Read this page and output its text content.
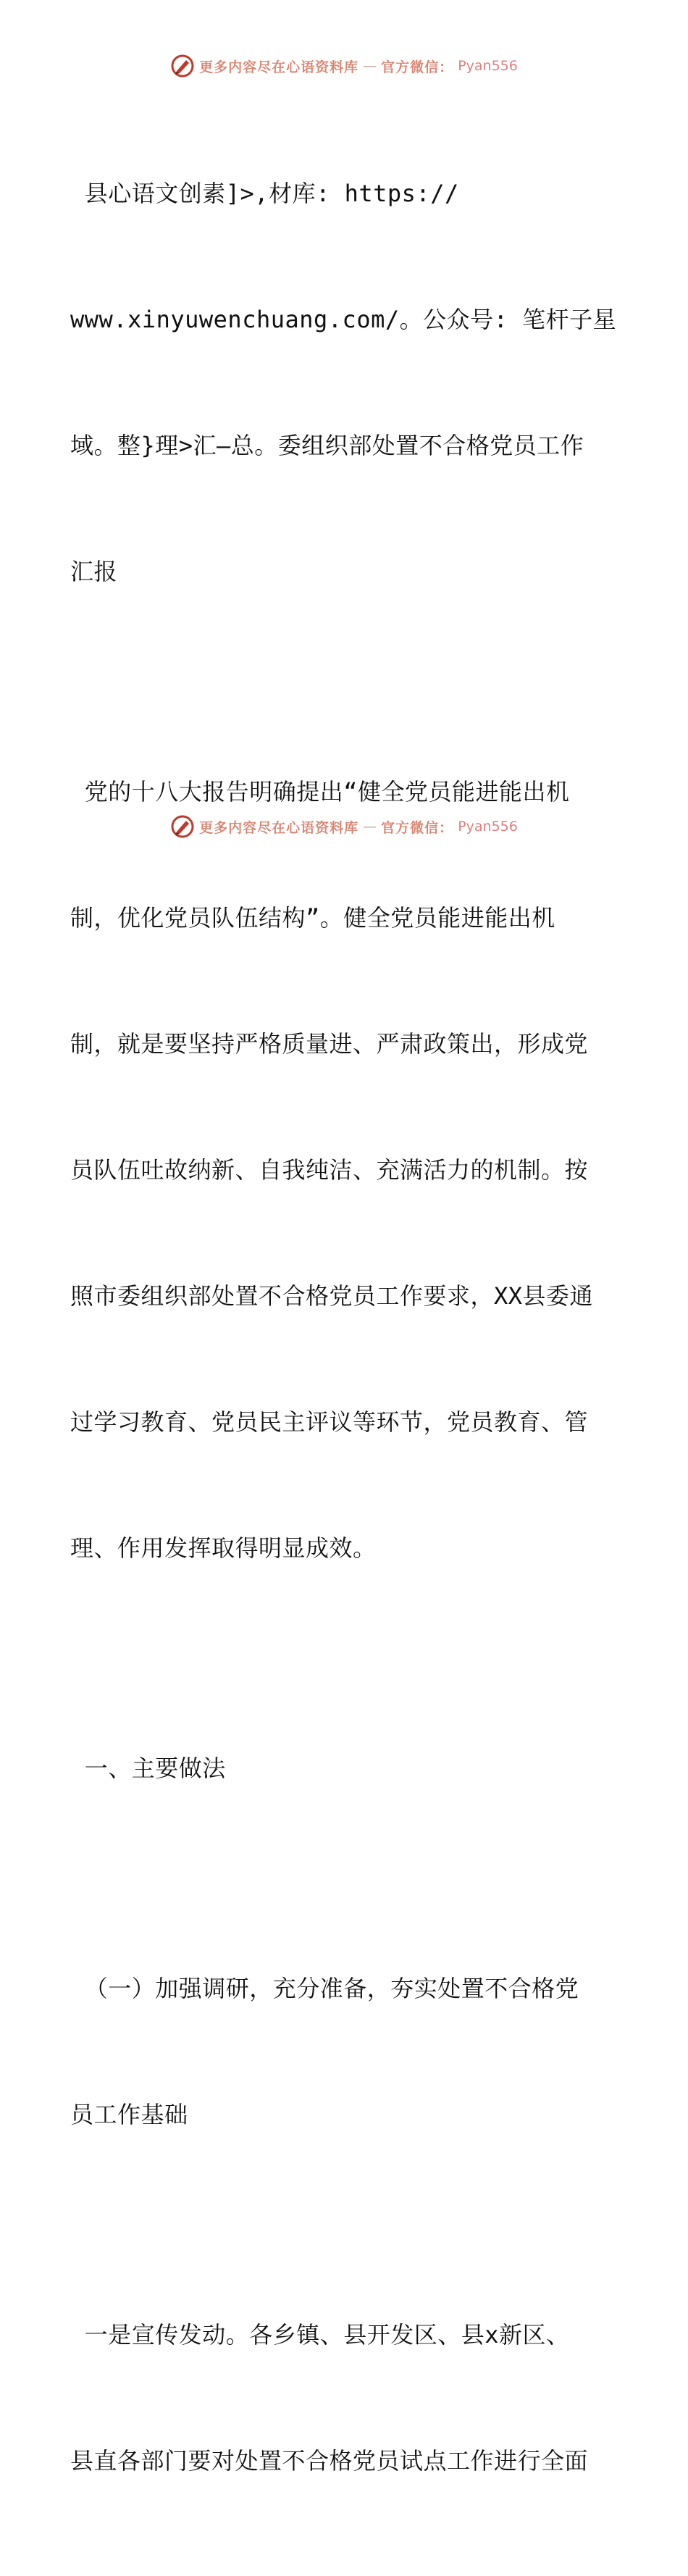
更多内容尽在心语资料库 — 官方微信： Pyan556

县心语文创素]>,材库: https://

www.xinyuwenchuang.com/。公众号: 笔杆子星

域。整}理>汇—总。委组织部处置不合格党员工作

汇报

党的十八大报告明确提出“健全党员能进能出机

制，优化党员队伍结构”。健全党员能进能出机

制，就是要坚持严格质量进、严肃政策出，形成党

员队伍吐故纳新、自我纯洁、充满活力的机制。按

照市委组织部处置不合格党员工作要求，XX县委通

过学习教育、党员民主评议等环节，党员教育、管

理、作用发挥取得明显成效。

一、主要做法

（一）加强调研，充分准备，夯实处置不合格党

员工作基础

一是宣传发动。各乡镇、县开发区、县x新区、

县直各部门要对处置不合格党员试点工作进行全面

更多内容尽在心语资料库 — 官方微信： Pyan556
